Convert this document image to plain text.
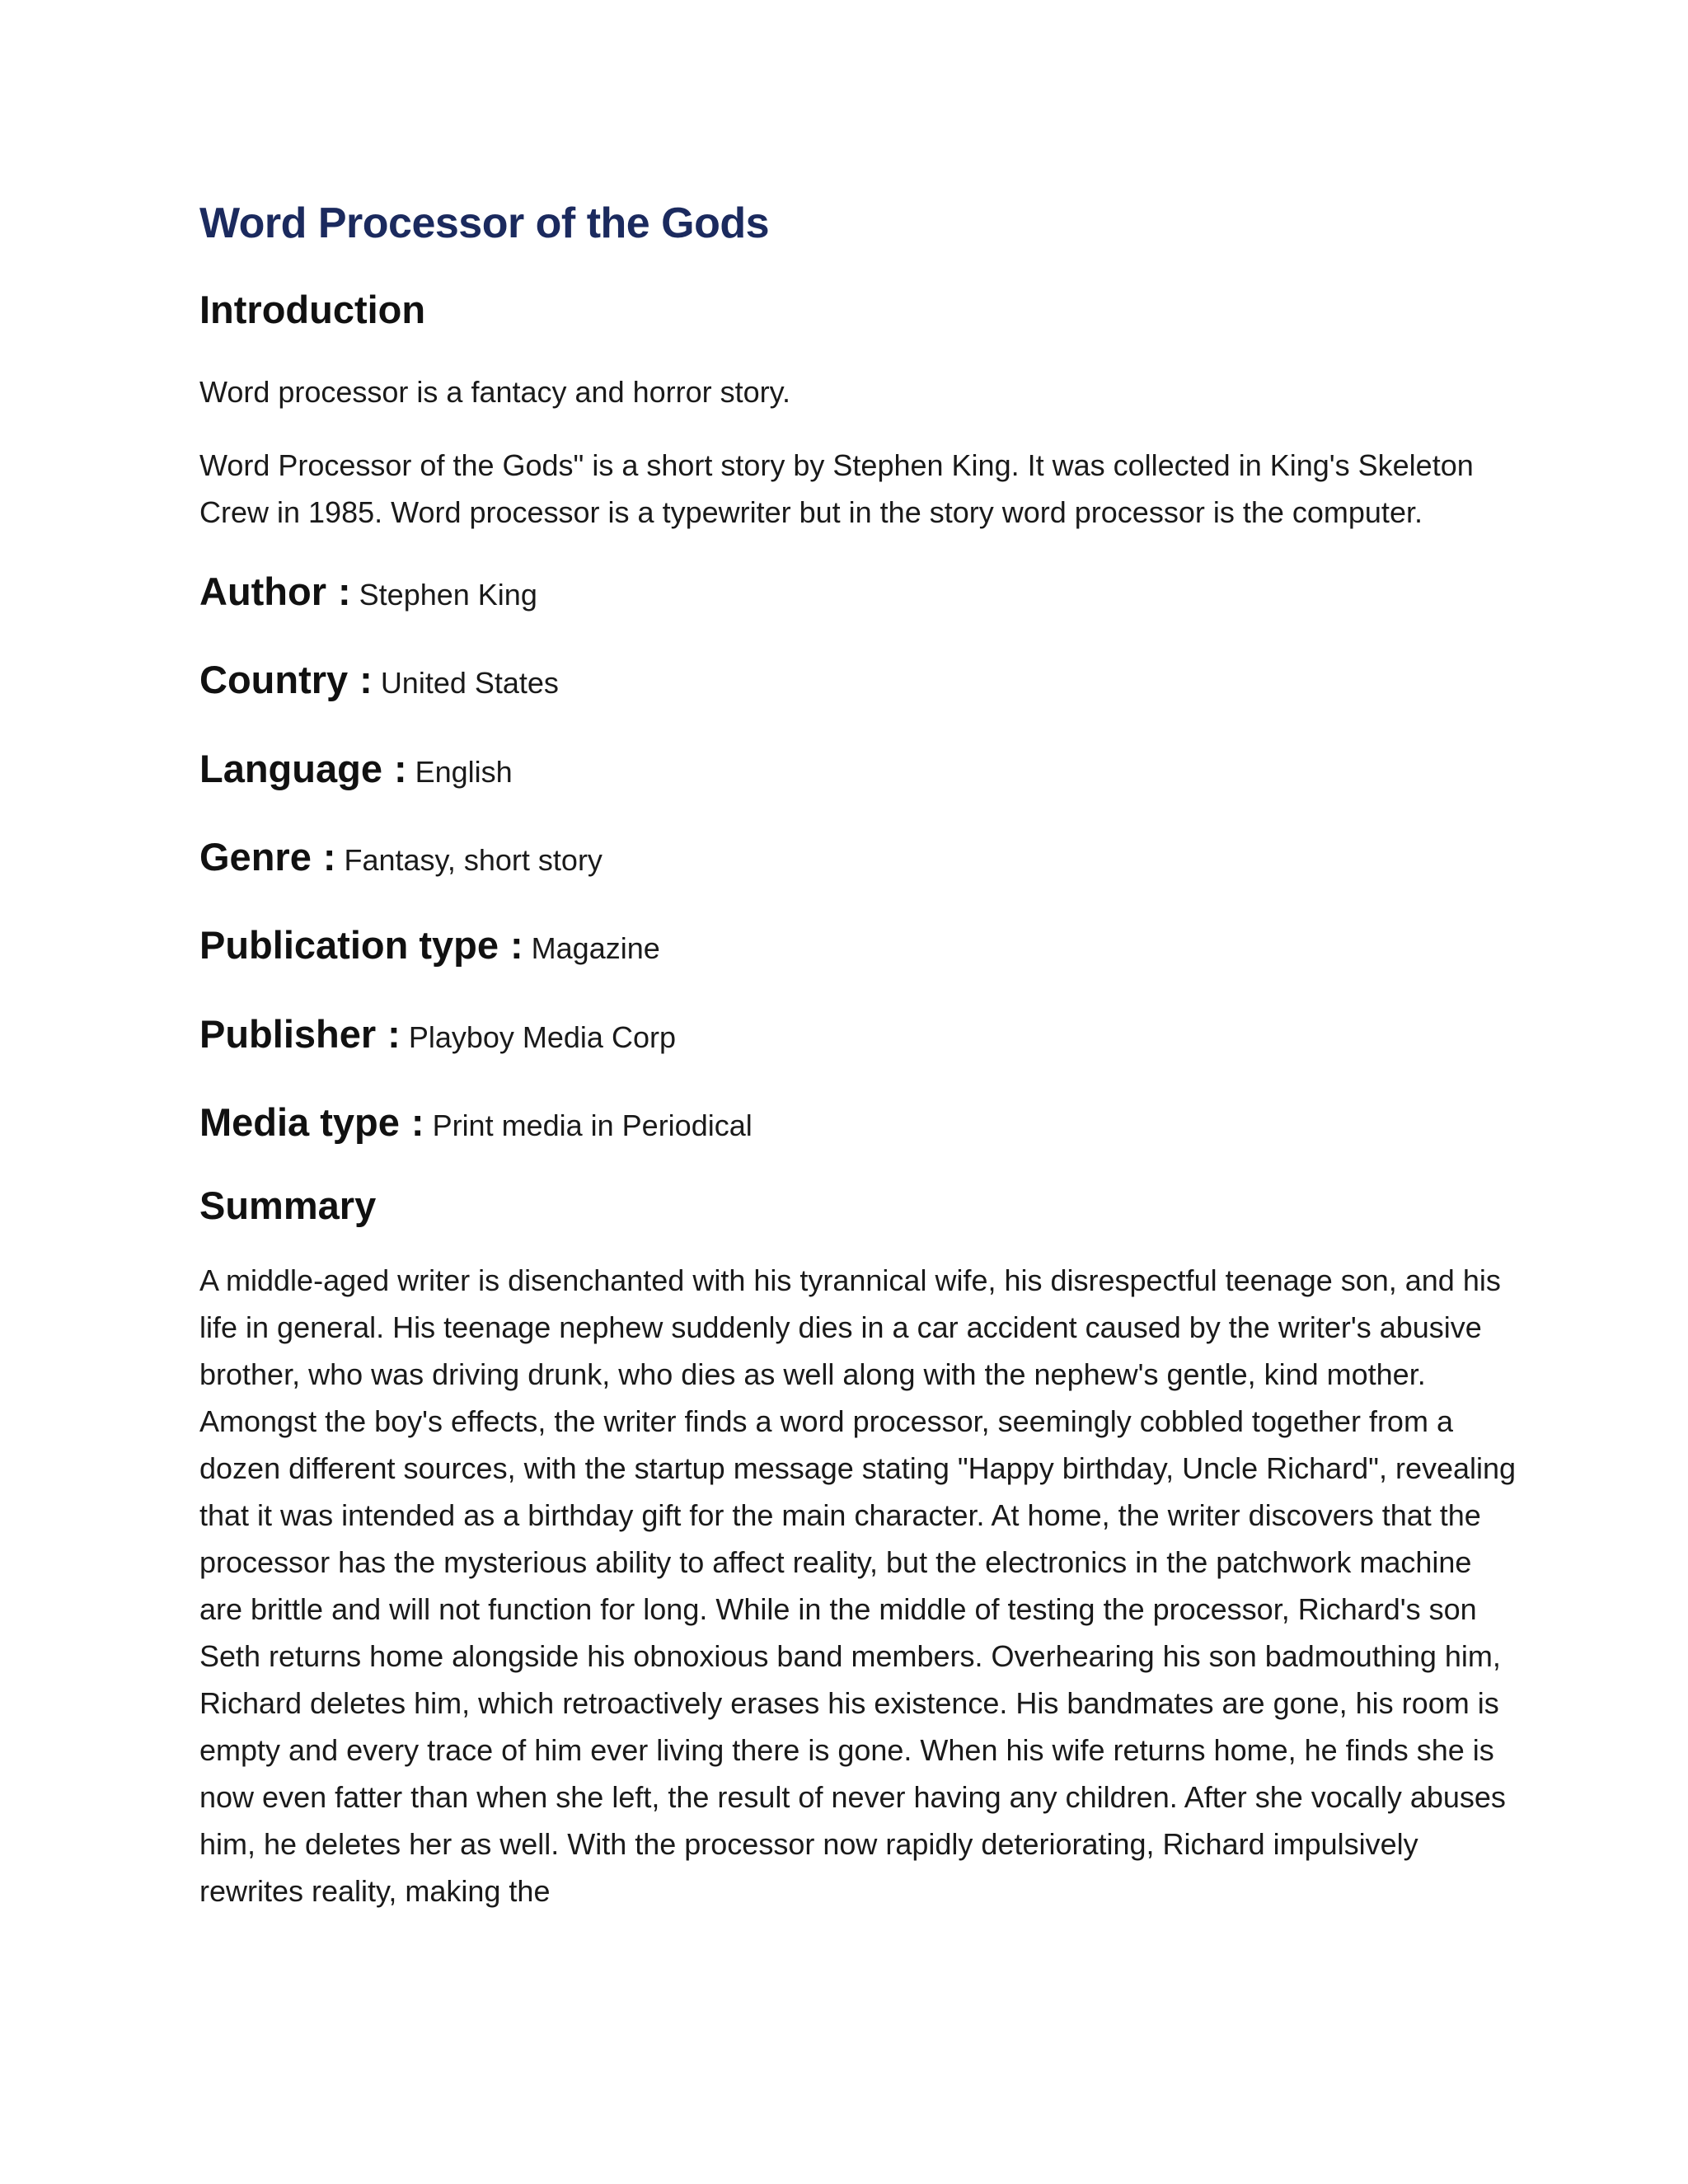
Word Processor of the Gods
Introduction

Word processor is a fantacy and horror story.

Word Processor of the Gods" is a short story by Stephen King. It was collected in King's Skeleton Crew in 1985. Word processor is a typewriter but in the story word processor is the computer.

Author : Stephen King
Country : United States
Language : English
Genre : Fantasy, short story
Publication type : Magazine
Publisher : Playboy Media Corp
Media type : Print media in Periodical
Summary

A middle-aged writer is disenchanted with his tyrannical wife, his disrespectful teenage son, and his life in general. His teenage nephew suddenly dies in a car accident caused by the writer's abusive brother, who was driving drunk, who dies as well along with the nephew's gentle, kind mother. Amongst the boy's effects, the writer finds a word processor, seemingly cobbled together from a dozen different sources, with the startup message stating "Happy birthday, Uncle Richard", revealing that it was intended as a birthday gift for the main character. At home, the writer discovers that the processor has the mysterious ability to affect reality, but the electronics in the patchwork machine are brittle and will not function for long. While in the middle of testing the processor, Richard's son Seth returns home alongside his obnoxious band members. Overhearing his son badmouthing him, Richard deletes him, which retroactively erases his existence. His bandmates are gone, his room is empty and every trace of him ever living there is gone. When his wife returns home, he finds she is now even fatter than when she left, the result of never having any children. After she vocally abuses him, he deletes her as well. With the processor now rapidly deteriorating, Richard impulsively rewrites reality, making the
